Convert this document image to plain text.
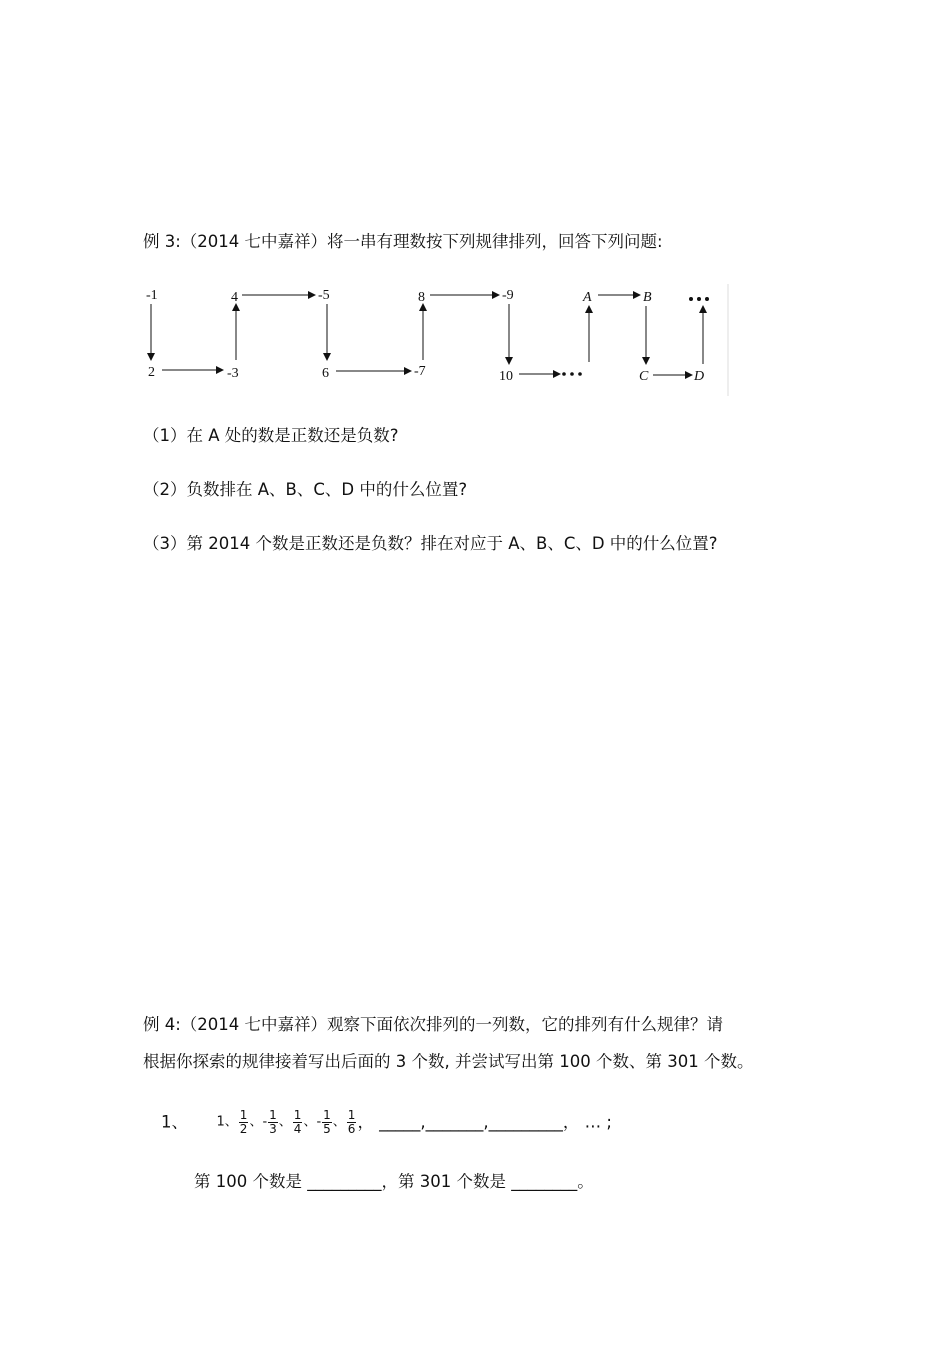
例 3:（2014 七中嘉祥）将一串有理数按下列规律排列，回答下列问题:
-1
2	-3
4	-5
6	-7
8	-9
10
A	B
C	D
（1）在 A 处的数是正数还是负数?
（2）负数排在 A、B、C、D 中的什么位置?
（3）第 2014 个数是正数还是负数？排在对应于 A、B、C、D 中的什么位置?
例 4:（2014 七中嘉祥）观察下面依次排列的一列数，它的排列有什么规律？请
根据你探索的规律接着写出后面的 3 个数, 并尝试写出第 100 个数、第 301 个数。
1、 1、 $\frac{1}{2}$ 、- $\frac{1}{3}$ 、 $\frac{1}{4}$ 、- $\frac{1}{5}$ 、 $\frac{1}{6}$ ， _____,_______,_________， … ;
第 100 个数是 _________，第 301 个数是 ________。
